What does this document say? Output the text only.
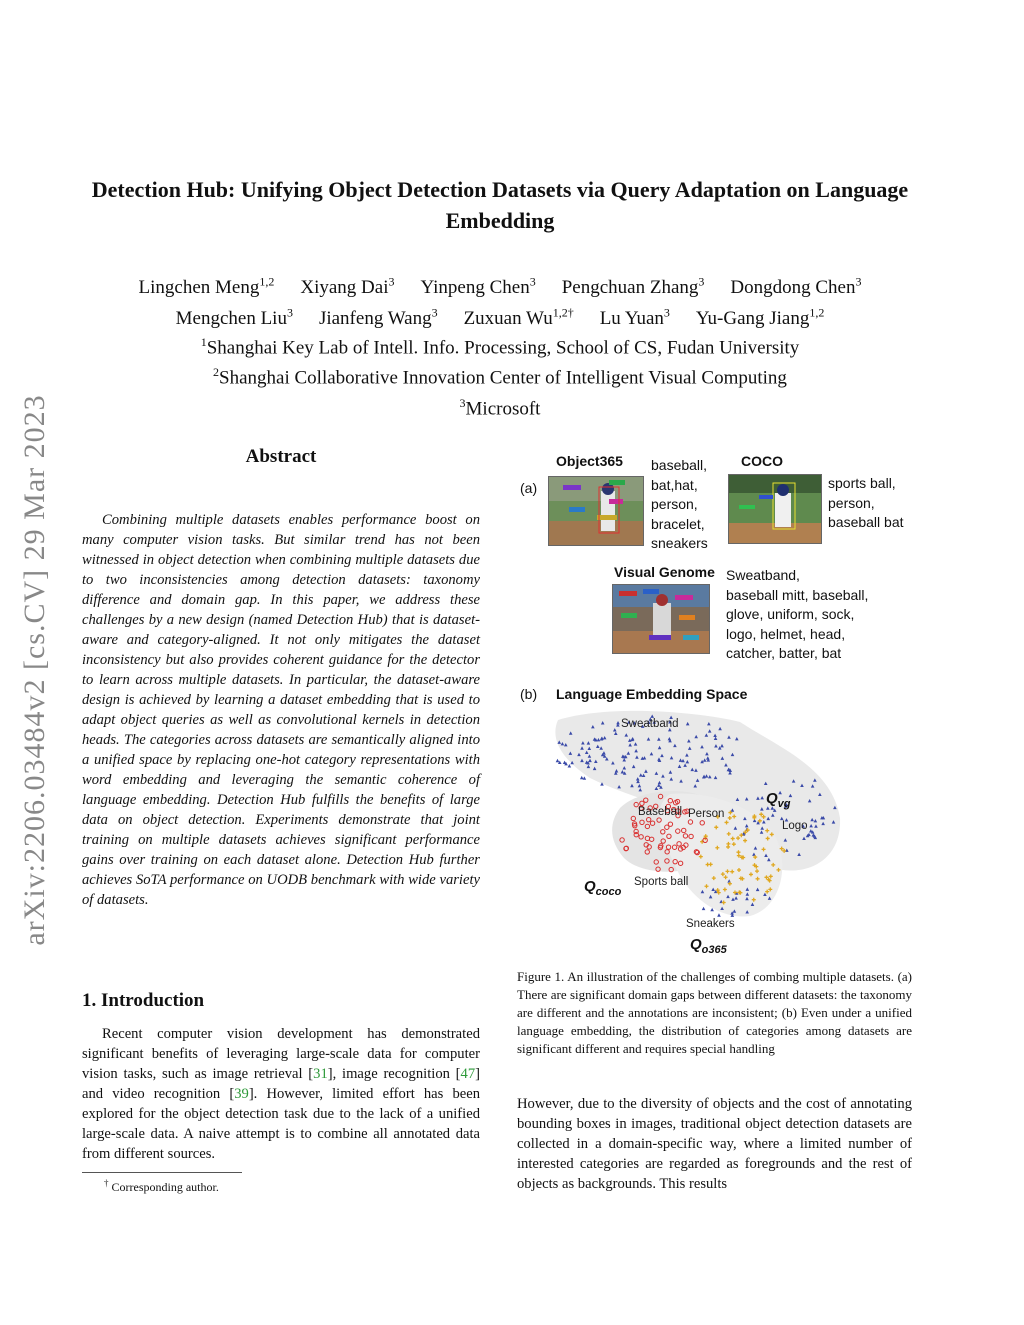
arXiv:2206.03484v2 [cs.CV] 29 Mar 2023
Detection Hub: Unifying Object Detection Datasets via Query Adaptation on Language Embedding
Lingchen Meng$^{1,2}$ Xiyang Dai$^3$ Yinpeng Chen$^3$ Pengchuan Zhang$^3$ Dongdong Chen$^3$
Mengchen Liu$^3$ Jianfeng Wang$^3$ Zuxuan $Wu^{1,2\dagger}$ Lu Yuan$^3$ Yu-Gang Jiang$^{1,2}$
$^1$Shanghai Key Lab of Intell. Info. Processing, School of CS, Fudan University
$^2$Shanghai Collaborative Innovation Center of Intelligent Visual Computing
$^3$Microsoft
Abstract
Combining multiple datasets enables performance boost on many computer vision tasks. But similar trend has not been witnessed in object detection when combining multiple datasets due to two inconsistencies among detection datasets: taxonomy difference and domain gap. In this paper, we address these challenges by a new design (named Detection Hub) that is dataset-aware and category-aligned. It not only mitigates the dataset inconsistency but also provides coherent guidance for the detector to learn across multiple datasets. In particular, the dataset-aware design is achieved by learning a dataset embedding that is used to adapt object queries as well as convolutional kernels in detection heads. The categories across datasets are semantically aligned into a unified space by replacing one-hot category representations with word embedding and leveraging the semantic coherence of language embedding. Detection Hub fulfills the benefits of large data on object detection. Experiments demonstrate that joint training on multiple datasets achieves significant performance gains over training on each dataset alone. Detection Hub further achieves SoTA performance on UODB benchmark with wide variety of datasets.
1. Introduction
Recent computer vision development has demonstrated significant benefits of leveraging large-scale data for computer vision tasks, such as image retrieval [31], image recognition [47] and video recognition [39]. However, limited effort has been explored for the object detection task due to the lack of a unified large-scale data. A naive attempt is to combine all annotated data from different sources.
† Corresponding author.
(a)
Object365 baseball,
bat,hat,
person,
bracelet,
sneakers
COCO
sports ball,
person,
baseball bat
Visual Genome Sweatband,
baseball mitt, baseball,
glove, uniform, sock,
logo, helmet, head,
catcher, batter, bat
(b) Language Embedding Space
Sweatband
Baseball Person
Logo
Sports ball
Sneakers
$Q_{vg}$
$Q_{coco}$
$Q_{o365}$
Figure 1. An illustration of the challenges of combing multiple datasets. (a) There are significant domain gaps between different datasets: the taxonomy are different and the annotations are inconsistent; (b) Even under a unified language embedding, the distribution of categories among datasets are significant different and requires special handling
However, due to the diversity of objects and the cost of annotating bounding boxes in images, traditional object detection datasets are collected in a domain-specific way, where a limited number of interested categories are regarded as foregrounds and the rest of objects as backgrounds. This results
